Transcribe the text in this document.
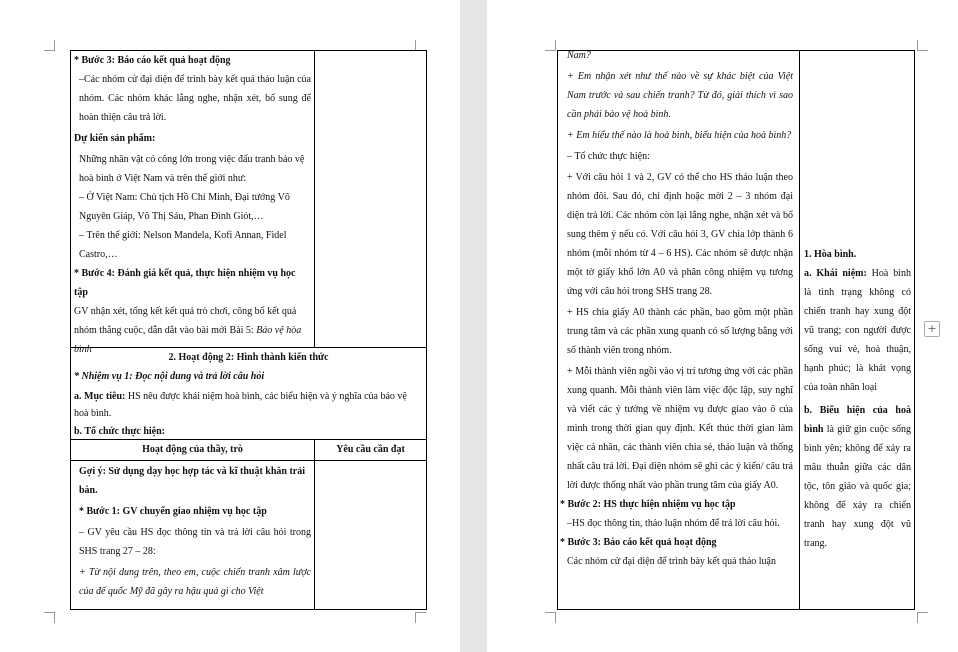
* Bước 3: Báo cáo kết quả hoạt động

–Các nhóm cử đại diện để trình bày kết quả thảo luận của nhóm. Các nhóm khác lắng nghe, nhận xét, bổ sung để hoàn thiện câu trả lời.

Dự kiến sản phẩm:

Những nhân vật có công lớn trong việc đấu tranh bảo vệ hoà bình ở Việt Nam và trên thế giới như:

– Ở Việt Nam: Chủ tịch Hồ Chí Minh, Đại tướng Võ Nguyên Giáp, Võ Thị Sáu, Phan Đình Giót,…

– Trên thế giới: Nelson Mandela, Kofi Annan, Fidel Castro,…

* Bước 4: Đánh giá kết quả, thực hiện nhiệm vụ học tập

GV nhận xét, tổng kết kết quả trò chơi, công bố kết quả nhóm thắng cuộc, dẫn dắt vào bài mới Bài 5: Bảo vệ hòa bình

2. Hoạt động 2: Hình thành kiến thức

* Nhiệm vụ 1: Đọc nội dung và trả lời câu hỏi

a. Mục tiêu: HS nêu được khái niệm hoà bình, các biểu hiện và ý nghĩa của bảo vệ hoà bình.

b. Tổ chức thực hiện:

Hoạt động của thầy, trò	Yêu cầu cần đạt

Gợi ý: Sử dụng dạy học hợp tác và kĩ thuật khăn trải bàn.

* Bước 1: GV chuyển giao nhiệm vụ học tập

– GV yêu cầu HS đọc thông tin và trả lời câu hỏi trong SHS trang 27 – 28:

+ Từ nội dung trên, theo em, cuộc chiến tranh xâm lược của đế quốc Mỹ đã gây ra hậu quả gì cho Việt

Nam?

+ Em nhận xét như thế nào về sự khác biệt của Việt Nam trước và sau chiến tranh? Từ đó, giải thích vì sao cần phải bảo vệ hoà bình.

+ Em hiểu thế nào là hoà bình, biểu hiện của hoà bình?

– Tổ chức thực hiện:

+ Với câu hỏi 1 và 2, GV có thể cho HS thảo luận theo nhóm đôi. Sau đó, chỉ định hoặc mời 2 – 3 nhóm đại diện trả lời. Các nhóm còn lại lắng nghe, nhận xét và bổ sung thêm ý nếu có. Với câu hỏi 3, GV chia lớp thành 6 nhóm (mỗi nhóm từ 4 – 6 HS). Các nhóm sẽ được nhận một tờ giấy khổ lớn A0 và phân công nhiệm vụ tương ứng với câu hỏi trong SHS trang 28.

+ HS chia giấy A0 thành các phần, bao gồm một phần trung tâm và các phần xung quanh có số lượng bằng với số thành viên trong nhóm.

+ Mỗi thành viên ngồi vào vị trí tương ứng với các phần xung quanh. Mỗi thành viên làm việc độc lập, suy nghĩ và viết các ý tưởng về nhiệm vụ được giao vào ô của mình trong thời gian quy định. Kết thúc thời gian làm việc cá nhân, các thành viên chia sẻ, thảo luận và thống nhất câu trả lời. Đại diện nhóm sẽ ghi các ý kiến/ câu trả lời được thống nhất vào phần trung tâm của giấy A0.

* Bước 2: HS thực hiện nhiệm vụ học tập

–HS đọc thông tin, thảo luận nhóm để trả lời câu hỏi.

* Bước 3: Báo cáo kết quả hoạt động

Các nhóm cử đại diện để trình bày kết quả thảo luận

1. Hòa bình.

a. Khái niệm: Hoà bình là tình trạng không có chiến tranh hay xung đột vũ trang; con người được sống vui vẻ, hoà thuận, hạnh phúc; là khát vọng của toàn nhân loại

b. Biểu hiện của hoà bình là giữ gìn cuộc sống bình yên; không để xảy ra mâu thuẫn giữa các dân tộc, tôn giáo và quốc gia; không để xảy ra chiến tranh hay xung đột vũ trang.

+
